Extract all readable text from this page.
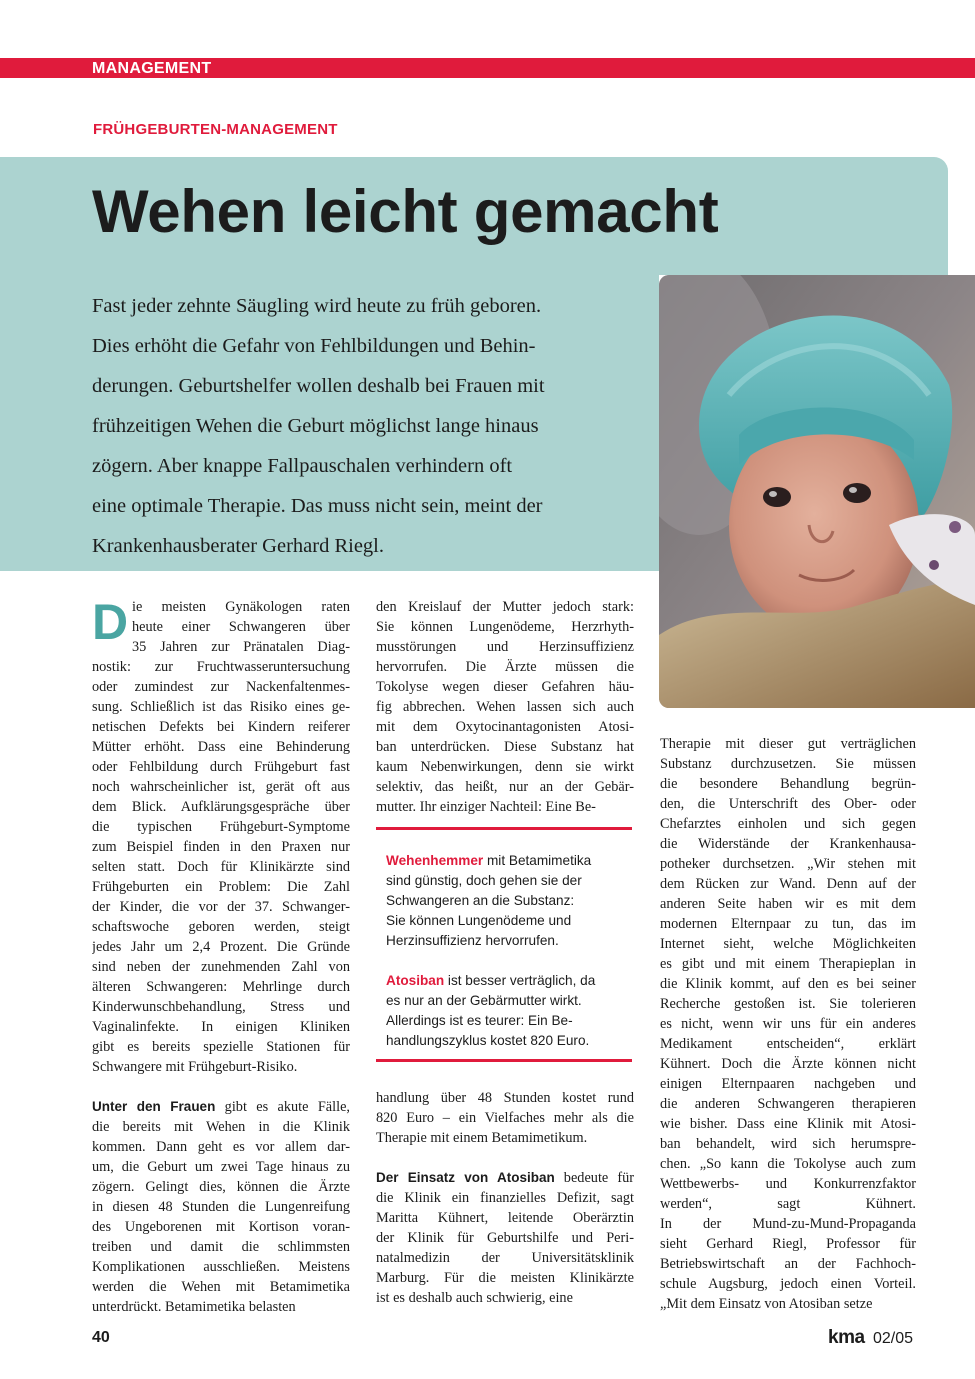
MANAGEMENT
FRÜHGEBURTEN-MANAGEMENT
Wehen leicht gemacht
Fast jeder zehnte Säugling wird heute zu früh geboren.
Dies erhöht die Gefahr von Fehlbildungen und Behin-
derungen. Geburtshelfer wollen deshalb bei Frauen mit
frühzeitigen Wehen die Geburt möglichst lange hinaus
zögern. Aber knappe Fallpauschalen verhindern oft
eine optimale Therapie. Das muss nicht sein, meint der
Krankenhausberater Gerhard Riegl.
D ie meisten Gynäkologen raten
heute einer Schwangeren über
35 Jahren zur Pränatalen Diag-
nostik: zur Fruchtwasseruntersuchung
oder zumindest zur Nackenfaltenmes-
sung. Schließlich ist das Risiko eines ge-
netischen Defekts bei Kindern reiferer
Mütter erhöht. Dass eine Behinderung
oder Fehlbildung durch Frühgeburt fast
noch wahrscheinlicher ist, gerät oft aus
dem Blick. Aufklärungsgespräche über
die typischen Frühgeburt-Symptome
zum Beispiel finden in den Praxen nur
selten statt. Doch für Klinikärzte sind
Frühgeburten ein Problem: Die Zahl
der Kinder, die vor der 37. Schwanger-
schaftswoche geboren werden, steigt
jedes Jahr um 2,4 Prozent. Die Gründe
sind neben der zunehmenden Zahl von
älteren Schwangeren: Mehrlinge durch
Kinderwunschbehandlung, Stress und
Vaginalinfekte. In einigen Kliniken
gibt es bereits spezielle Stationen für
Schwangere mit Frühgeburt-Risiko.
Unter den Frauen gibt es akute Fälle,
die bereits mit Wehen in die Klinik
kommen. Dann geht es vor allem dar-
um, die Geburt um zwei Tage hinaus zu
zögern. Gelingt dies, können die Ärzte
in diesen 48 Stunden die Lungenreifung
des Ungeborenen mit Kortison voran-
treiben und damit die schlimmsten
Komplikationen ausschließen. Meistens
werden die Wehen mit Betamimetika
unterdrückt. Betamimetika belasten
den Kreislauf der Mutter jedoch stark:
Sie können Lungenödeme, Herzrhyth-
musstörungen und Herzinsuffizienz
hervorrufen. Die Ärzte müssen die
Tokolyse wegen dieser Gefahren häu-
fig abbrechen. Wehen lassen sich auch
mit dem Oxytocinantagonisten Atosi-
ban unterdrücken. Diese Substanz hat
kaum Nebenwirkungen, denn sie wirkt
selektiv, das heißt, nur an der Gebär-
mutter. Ihr einziger Nachteil: Eine Be-
Wehenhemmer mit Betamimetika
sind günstig, doch gehen sie der
Schwangeren an die Substanz:
Sie können Lungenödeme und
Herzinsuffizienz hervorrufen.
Atosiban ist besser verträglich, da
es nur an der Gebärmutter wirkt.
Allerdings ist es teurer: Ein Be-
handlungszyklus kostet 820 Euro.
handlung über 48 Stunden kostet rund
820 Euro – ein Vielfaches mehr als die
Therapie mit einem Betamimetikum.
Der Einsatz von Atosiban bedeute für
die Klinik ein finanzielles Defizit, sagt
Maritta Kühnert, leitende Oberärztin
der Klinik für Geburtshilfe und Peri-
natalmedizin der Universitätsklinik
Marburg. Für die meisten Klinikärzte
ist es deshalb auch schwierig, eine
Therapie mit dieser gut verträglichen
Substanz durchzusetzen. Sie müssen
die besondere Behandlung begrün-
den, die Unterschrift des Ober- oder
Chefarztes einholen und sich gegen
die Widerstände der Krankenhausa-
potheker durchsetzen. „Wir stehen mit
dem Rücken zur Wand. Denn auf der
anderen Seite haben wir es mit dem
modernen Elternpaar zu tun, das im
Internet sieht, welche Möglichkeiten
es gibt und mit einem Therapieplan in
die Klinik kommt, auf den es bei seiner
Recherche gestoßen ist. Sie tolerieren
es nicht, wenn wir uns für ein anderes
Medikament entscheiden“, erklärt
Kühnert. Doch die Ärzte können nicht
einigen Elternpaaren nachgeben und
die anderen Schwangeren therapieren
wie bisher. Dass eine Klinik mit Atosi-
ban behandelt, wird sich herumspre-
chen. „So kann die Tokolyse auch zum
Wettbewerbs- und Konkurrenzfaktor
werden“, sagt Kühnert.
In der Mund-zu-Mund-Propaganda
sieht Gerhard Riegl, Professor für
Betriebswirtschaft an der Fachhoch-
schule Augsburg, jedoch einen Vorteil.
„Mit dem Einsatz von Atosiban setze
40	kma 02/05
